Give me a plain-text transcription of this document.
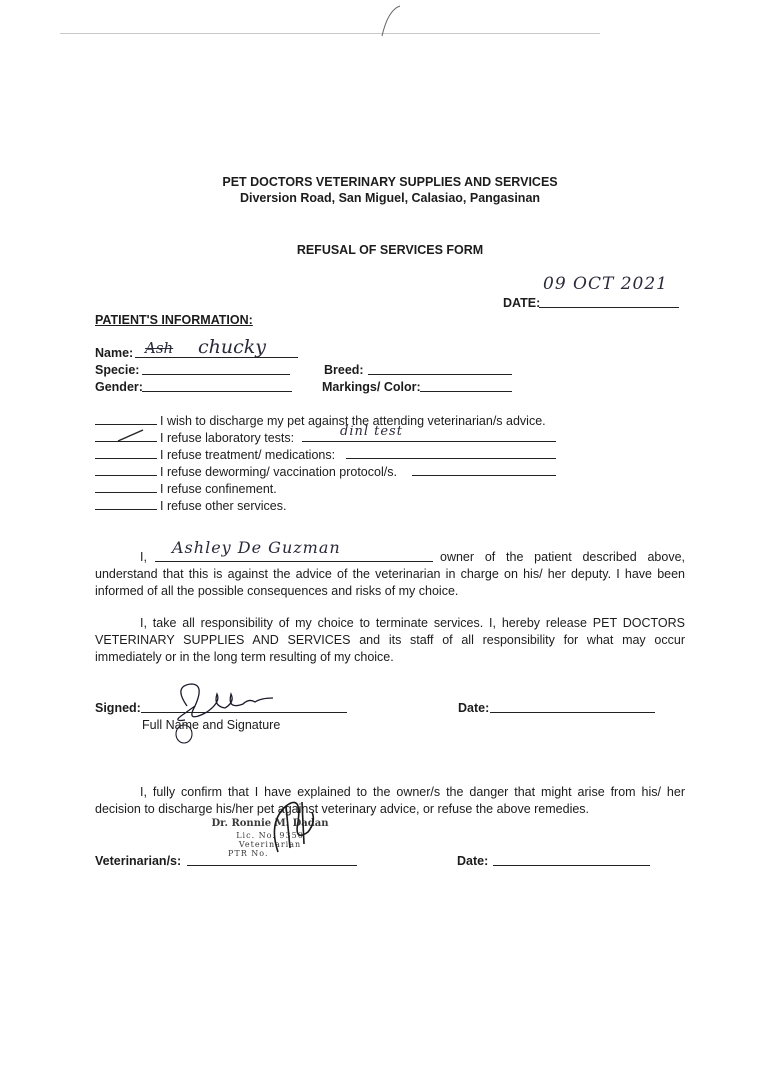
PET DOCTORS VETERINARY SUPPLIES AND SERVICES
Diversion Road, San Miguel, Calasiao, Pangasinan
REFUSAL OF SERVICES FORM
09 OCT 2021
DATE:
PATIENT'S INFORMATION:
Name: Ash chucky
Specie:	Breed:
Gender:	Markings/ Color:
I wish to discharge my pet against the attending veterinarian/s advice.
I refuse laboratory tests:	dinl test
I refuse treatment/ medications:
I refuse deworming/ vaccination protocol/s.
I refuse confinement.
I refuse other services.
I, Ashley De Guzman	owner of the patient described above,
understand that this is against the advice of the veterinarian in charge on his/ her deputy. I have been informed of all the possible consequences and risks of my choice.
I, take all responsibility of my choice to terminate services. I, hereby release PET DOCTORS
VETERINARY SUPPLIES AND SERVICES and its staff of all responsibility for what may occur immediately or in the long term resulting of my choice.
Signed:
Full Name and Signature
Date:
I, fully confirm that I have explained to the owner/s the danger that might arise from his/ her
decision to discharge his/her pet against veterinary advice, or refuse the above remedies.
Dr. Ronnie M. Dadan
Lic. No. 9350
Veterinarian
PTR No.
Veterinarian/s:	Date:
